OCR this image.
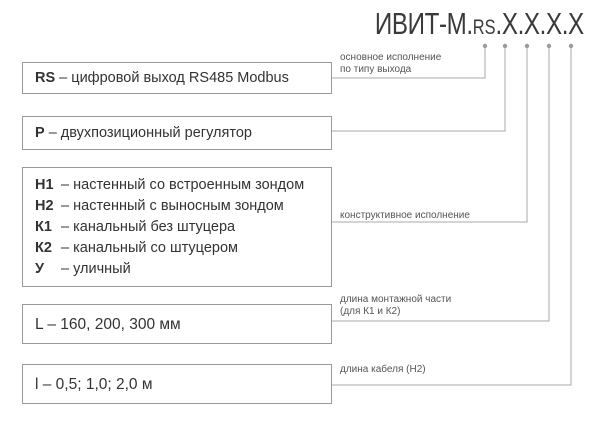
ИВИТ-М.RS.X.X.X.X
основное исполнение
по типу выхода
конструктивное исполнение
длина монтажной части
(для К1 и К2)
длина кабеля (Н2)
RS – цифровой выход RS485 Modbus
P – двухпозиционный регулятор
Н1 – настенный со встроенным зондом
Н2 – настенный с выносным зондом
К1 – канальный без штуцера
К2 – канальный со штуцером
У – уличный
L – 160, 200, 300 мм
l – 0,5; 1,0; 2,0 м
